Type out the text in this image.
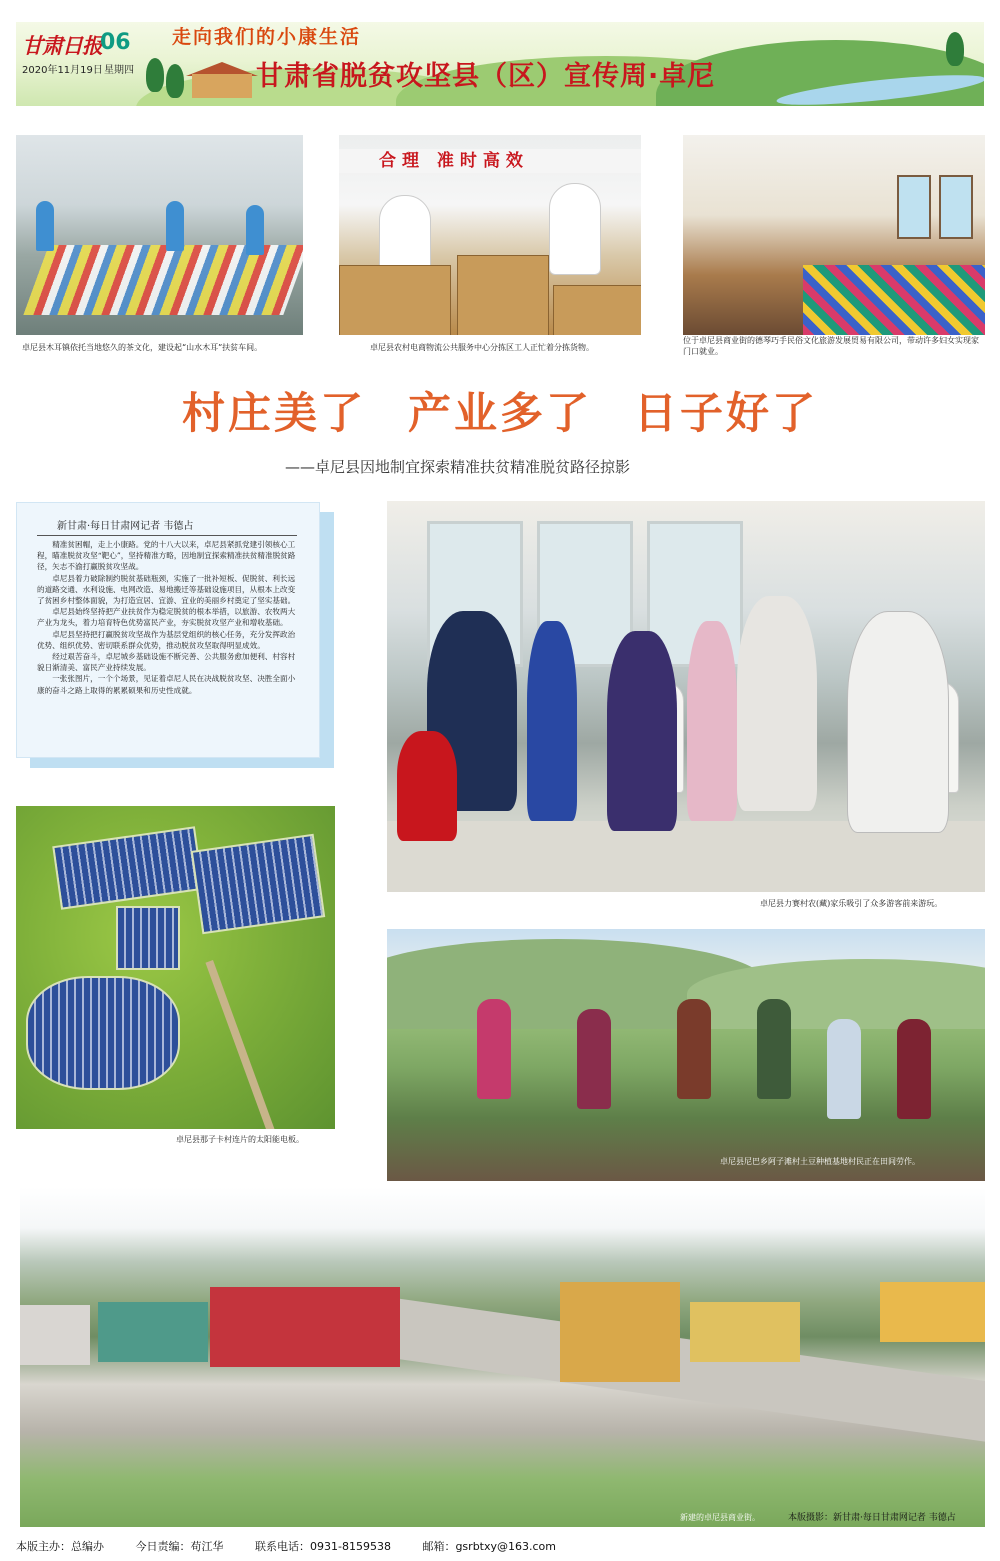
甘肃日报
06
2020年11月19日 星期四
走向我们的小康生活
甘肃省脱贫攻坚县（区）宣传周·卓尼
卓尼县木耳镇依托当地悠久的茶文化，建设起“山水木耳”扶贫车间。
合理 准时高效
卓尼县农村电商物流公共服务中心分拣区工人正忙着分拣货物。
位于卓尼县商业街的德琴巧手民俗文化旅游发展贸易有限公司，带动许多妇女实现家门口就业。
村庄美了 产业多了 日子好了
——卓尼县因地制宜探索精准扶贫精准脱贫路径掠影
新甘肃·每日甘肃网记者 韦德占

精准贫困帽，走上小康路。党的十八大以来，卓尼县紧抓党建引领核心工程，瞄准脱贫攻坚“靶心”，坚持精准方略，因地制宜探索精准扶贫精准脱贫路径，矢志不渝打赢脱贫攻坚战。

卓尼县着力破除制约脱贫基础瓶颈，实施了一批补短板、促脱贫、利长远的道路交通、水利设施、电网改造、易地搬迁等基础设施项目，从根本上改变了贫困乡村整体面貌，为打造宜居、宜游、宜业的美丽乡村奠定了坚实基础。

卓尼县始终坚持把产业扶贫作为稳定脱贫的根本举措，以旅游、农牧两大产业为龙头，着力培育特色优势富民产业，夯实脱贫攻坚产业和增收基础。

卓尼县坚持把打赢脱贫攻坚战作为基层党组织的核心任务，充分发挥政治优势、组织优势、密切联系群众优势，推动脱贫攻坚取得明显成效。

经过艰苦奋斗，卓尼城乡基础设施不断完善、公共服务愈加便利、村容村貌日渐清美、富民产业持续发展。

一张张图片，一个个场景，见证着卓尼人民在决战脱贫攻坚、决胜全面小康的奋斗之路上取得的累累硕果和历史性成就。

卓尼县力赛村农(藏)家乐吸引了众多游客前来游玩。
卓尼县那子卡村连片的太阳能电板。
卓尼县尼巴乡阿子滩村土豆种植基地村民正在田间劳作。
新建的卓尼县商业街。	本版摄影：新甘肃·每日甘肃网记者 韦德占
本版主办：总编办	今日责编：苟江华	联系电话：0931-8159538	邮箱：gsrbtxy@163.com
